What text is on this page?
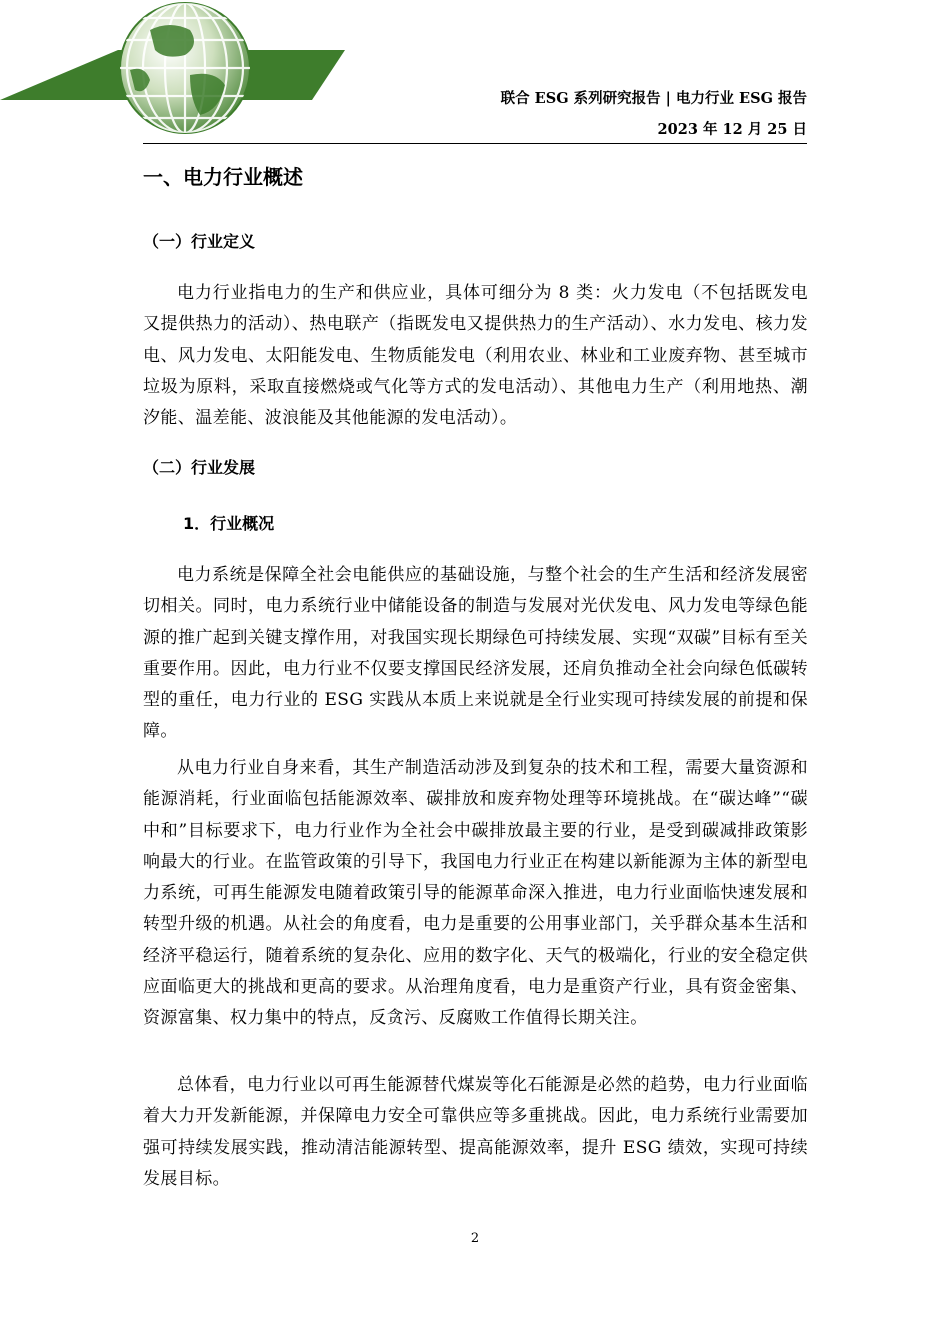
联合 ESG 系列研究报告 | 电力行业 ESG 报告
2023 年 12 月 25 日
一、电力行业概述
（一）行业定义

电力行业指电力的生产和供应业，具体可细分为 8 类：火力发电（不包括既发电又提供热力的活动）、热电联产（指既发电又提供热力的生产活动）、水力发电、核力发电、风力发电、太阳能发电、生物质能发电（利用农业、林业和工业废弃物、甚至城市垃圾为原料，采取直接燃烧或气化等方式的发电活动）、其他电力生产（利用地热、潮汐能、温差能、波浪能及其他能源的发电活动）。

（二）行业发展
1．行业概况

电力系统是保障全社会电能供应的基础设施，与整个社会的生产生活和经济发展密切相关。同时，电力系统行业中储能设备的制造与发展对光伏发电、风力发电等绿色能源的推广起到关键支撑作用，对我国实现长期绿色可持续发展、实现“双碳”目标有至关重要作用。因此，电力行业不仅要支撑国民经济发展，还肩负推动全社会向绿色低碳转型的重任，电力行业的 ESG 实践从本质上来说就是全行业实现可持续发展的前提和保障。

从电力行业自身来看，其生产制造活动涉及到复杂的技术和工程，需要大量资源和能源消耗，行业面临包括能源效率、碳排放和废弃物处理等环境挑战。在“碳达峰”“碳中和”目标要求下，电力行业作为全社会中碳排放最主要的行业，是受到碳减排政策影响最大的行业。在监管政策的引导下，我国电力行业正在构建以新能源为主体的新型电力系统，可再生能源发电随着政策引导的能源革命深入推进，电力行业面临快速发展和转型升级的机遇。从社会的角度看，电力是重要的公用事业部门，关乎群众基本生活和经济平稳运行，随着系统的复杂化、应用的数字化、天气的极端化，行业的安全稳定供应面临更大的挑战和更高的要求。从治理角度看，电力是重资产行业，具有资金密集、资源富集、权力集中的特点，反贪污、反腐败工作值得长期关注。

总体看，电力行业以可再生能源替代煤炭等化石能源是必然的趋势，电力行业面临着大力开发新能源，并保障电力安全可靠供应等多重挑战。因此，电力系统行业需要加强可持续发展实践，推动清洁能源转型、提高能源效率，提升 ESG 绩效，实现可持续发展目标。

2
